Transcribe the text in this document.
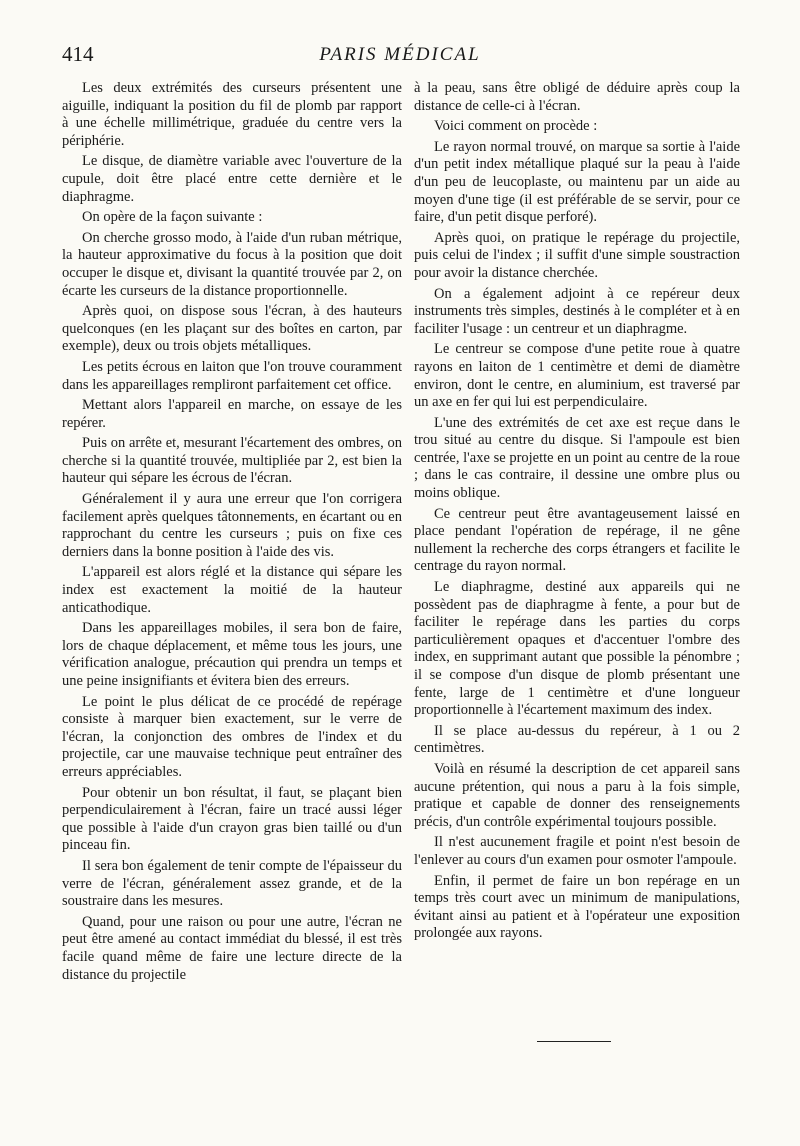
414	PARIS MÉDICAL

Les deux extrémités des curseurs présentent une aiguille, indiquant la position du fil de plomb par rapport à une échelle millimétrique, graduée du centre vers la périphérie.

Le disque, de diamètre variable avec l'ouverture de la cupule, doit être placé entre cette dernière et le diaphragme.

On opère de la façon suivante :

On cherche grosso modo, à l'aide d'un ruban métrique, la hauteur approximative du focus à la position que doit occuper le disque et, divisant la quantité trouvée par 2, on écarte les curseurs de la distance proportionnelle.

Après quoi, on dispose sous l'écran, à des hauteurs quelconques (en les plaçant sur des boîtes en carton, par exemple), deux ou trois objets métalliques.

Les petits écrous en laiton que l'on trouve couramment dans les appareillages rempliront parfaitement cet office.

Mettant alors l'appareil en marche, on essaye de les repérer.

Puis on arrête et, mesurant l'écartement des ombres, on cherche si la quantité trouvée, multipliée par 2, est bien la hauteur qui sépare les écrous de l'écran.

Généralement il y aura une erreur que l'on corrigera facilement après quelques tâtonnements, en écartant ou en rapprochant du centre les curseurs ; puis on fixe ces derniers dans la bonne position à l'aide des vis.

L'appareil est alors réglé et la distance qui sépare les index est exactement la moitié de la hauteur anticathodique.

Dans les appareillages mobiles, il sera bon de faire, lors de chaque déplacement, et même tous les jours, une vérification analogue, précaution qui prendra un temps et une peine insignifiants et évitera bien des erreurs.

Le point le plus délicat de ce procédé de repérage consiste à marquer bien exactement, sur le verre de l'écran, la conjonction des ombres de l'index et du projectile, car une mauvaise technique peut entraîner des erreurs appréciables.

Pour obtenir un bon résultat, il faut, se plaçant bien perpendiculairement à l'écran, faire un tracé aussi léger que possible à l'aide d'un crayon gras bien taillé ou d'un pinceau fin.

Il sera bon également de tenir compte de l'épaisseur du verre de l'écran, généralement assez grande, et de la soustraire dans les mesures.

Quand, pour une raison ou pour une autre, l'écran ne peut être amené au contact immédiat du blessé, il est très facile quand même de faire une lecture directe de la distance du projectile

à la peau, sans être obligé de déduire après coup la distance de celle-ci à l'écran.

Voici comment on procède :

Le rayon normal trouvé, on marque sa sortie à l'aide d'un petit index métallique plaqué sur la peau à l'aide d'un peu de leucoplaste, ou maintenu par un aide au moyen d'une tige (il est préférable de se servir, pour ce faire, d'un petit disque perforé).

Après quoi, on pratique le repérage du projectile, puis celui de l'index ; il suffit d'une simple soustraction pour avoir la distance cherchée.

On a également adjoint à ce repéreur deux instruments très simples, destinés à le compléter et à en faciliter l'usage : un centreur et un diaphragme.

Le centreur se compose d'une petite roue à quatre rayons en laiton de 1 centimètre et demi de diamètre environ, dont le centre, en aluminium, est traversé par un axe en fer qui lui est perpendiculaire.

L'une des extrémités de cet axe est reçue dans le trou situé au centre du disque. Si l'ampoule est bien centrée, l'axe se projette en un point au centre de la roue ; dans le cas contraire, il dessine une ombre plus ou moins oblique.

Ce centreur peut être avantageusement laissé en place pendant l'opération de repérage, il ne gêne nullement la recherche des corps étrangers et facilite le centrage du rayon normal.

Le diaphragme, destiné aux appareils qui ne possèdent pas de diaphragme à fente, a pour but de faciliter le repérage dans les parties du corps particulièrement opaques et d'accentuer l'ombre des index, en supprimant autant que possible la pénombre ; il se compose d'un disque de plomb présentant une fente, large de 1 centimètre et d'une longueur proportionnelle à l'écartement maximum des index.

Il se place au-dessus du repéreur, à 1 ou 2 centimètres.

Voilà en résumé la description de cet appareil sans aucune prétention, qui nous a paru à la fois simple, pratique et capable de donner des renseignements précis, d'un contrôle expérimental toujours possible.

Il n'est aucunement fragile et point n'est besoin de l'enlever au cours d'un examen pour osmoter l'ampoule.

Enfin, il permet de faire un bon repérage en un temps très court avec un minimum de manipulations, évitant ainsi au patient et à l'opérateur une exposition prolongée aux rayons.
